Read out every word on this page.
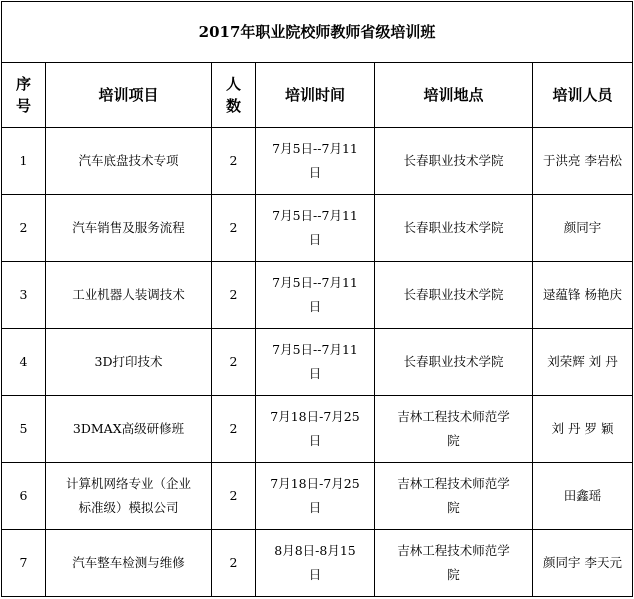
2017年职业院校师教师省级培训班					
序号	培训项目	人数	培训时间	培训地点	培训人员
1	汽车底盘技术专项	2	7月5日--7月11日	长春职业技术学院	于洪亮 李岩松
2	汽车销售及服务流程	2	7月5日--7月11日	长春职业技术学院	颜同宇
3	工业机器人装调技术	2	7月5日--7月11日	长春职业技术学院	逯蕴锋 杨艳庆
4	3D打印技术	2	7月5日--7月11日	长春职业技术学院	刘荣辉 刘 丹
5	3DMAX高级研修班	2	7月18日-7月25日	吉林工程技术师范学院	刘 丹 罗 颖
6	计算机网络专业（企业标准级）模拟公司	2	7月18日-7月25日	吉林工程技术师范学院	田鑫瑶
7	汽车整车检测与维修	2	8月8日-8月15日	吉林工程技术师范学院	颜同宇 李天元
